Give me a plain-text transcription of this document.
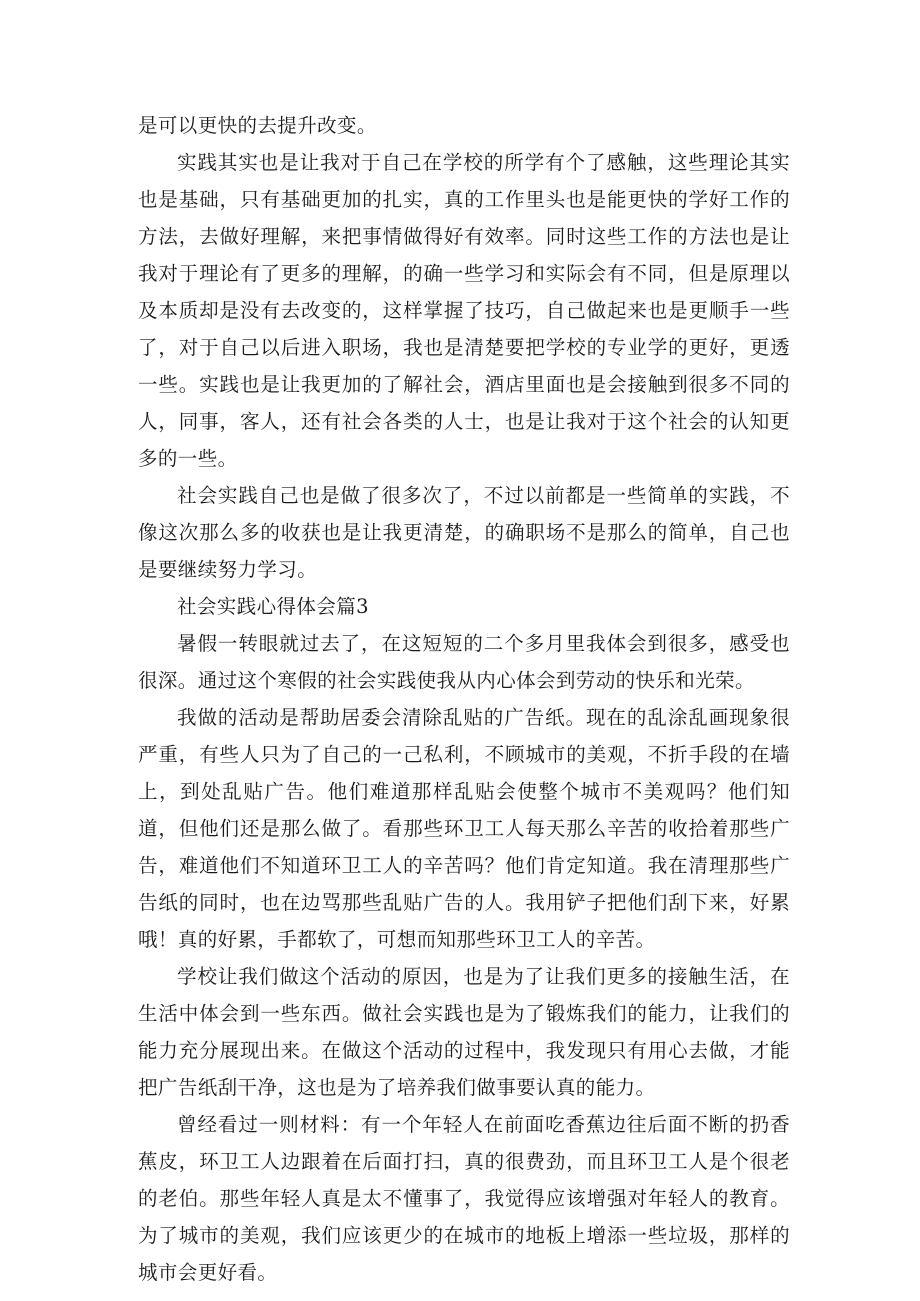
是可以更快的去提升改变。

实践其实也是让我对于自己在学校的所学有个了感触，这些理论其实也是基础，只有基础更加的扎实，真的工作里头也是能更快的学好工作的方法，去做好理解，来把事情做得好有效率。同时这些工作的方法也是让我对于理论有了更多的理解，的确一些学习和实际会有不同，但是原理以及本质却是没有去改变的，这样掌握了技巧，自己做起来也是更顺手一些了，对于自己以后进入职场，我也是清楚要把学校的专业学的更好，更透一些。实践也是让我更加的了解社会，酒店里面也是会接触到很多不同的人，同事，客人，还有社会各类的人士，也是让我对于这个社会的认知更多的一些。

社会实践自己也是做了很多次了，不过以前都是一些简单的实践，不像这次那么多的收获也是让我更清楚，的确职场不是那么的简单，自己也是要继续努力学习。

社会实践心得体会篇3

暑假一转眼就过去了，在这短短的二个多月里我体会到很多，感受也很深。通过这个寒假的社会实践使我从内心体会到劳动的快乐和光荣。

我做的活动是帮助居委会清除乱贴的广告纸。现在的乱涂乱画现象很严重，有些人只为了自己的一己私利，不顾城市的美观，不折手段的在墙上，到处乱贴广告。他们难道那样乱贴会使整个城市不美观吗？他们知道，但他们还是那么做了。看那些环卫工人每天那么辛苦的收拾着那些广告，难道他们不知道环卫工人的辛苦吗？他们肯定知道。我在清理那些广告纸的同时，也在边骂那些乱贴广告的人。我用铲子把他们刮下来，好累哦！真的好累，手都软了，可想而知那些环卫工人的辛苦。

学校让我们做这个活动的原因，也是为了让我们更多的接触生活，在生活中体会到一些东西。做社会实践也是为了锻炼我们的能力，让我们的能力充分展现出来。在做这个活动的过程中，我发现只有用心去做，才能把广告纸刮干净，这也是为了培养我们做事要认真的能力。

曾经看过一则材料：有一个年轻人在前面吃香蕉边往后面不断的扔香蕉皮，环卫工人边跟着在后面打扫，真的很费劲，而且环卫工人是个很老的老伯。那些年轻人真是太不懂事了，我觉得应该增强对年轻人的教育。为了城市的美观，我们应该更少的在城市的地板上增添一些垃圾，那样的城市会更好看。
